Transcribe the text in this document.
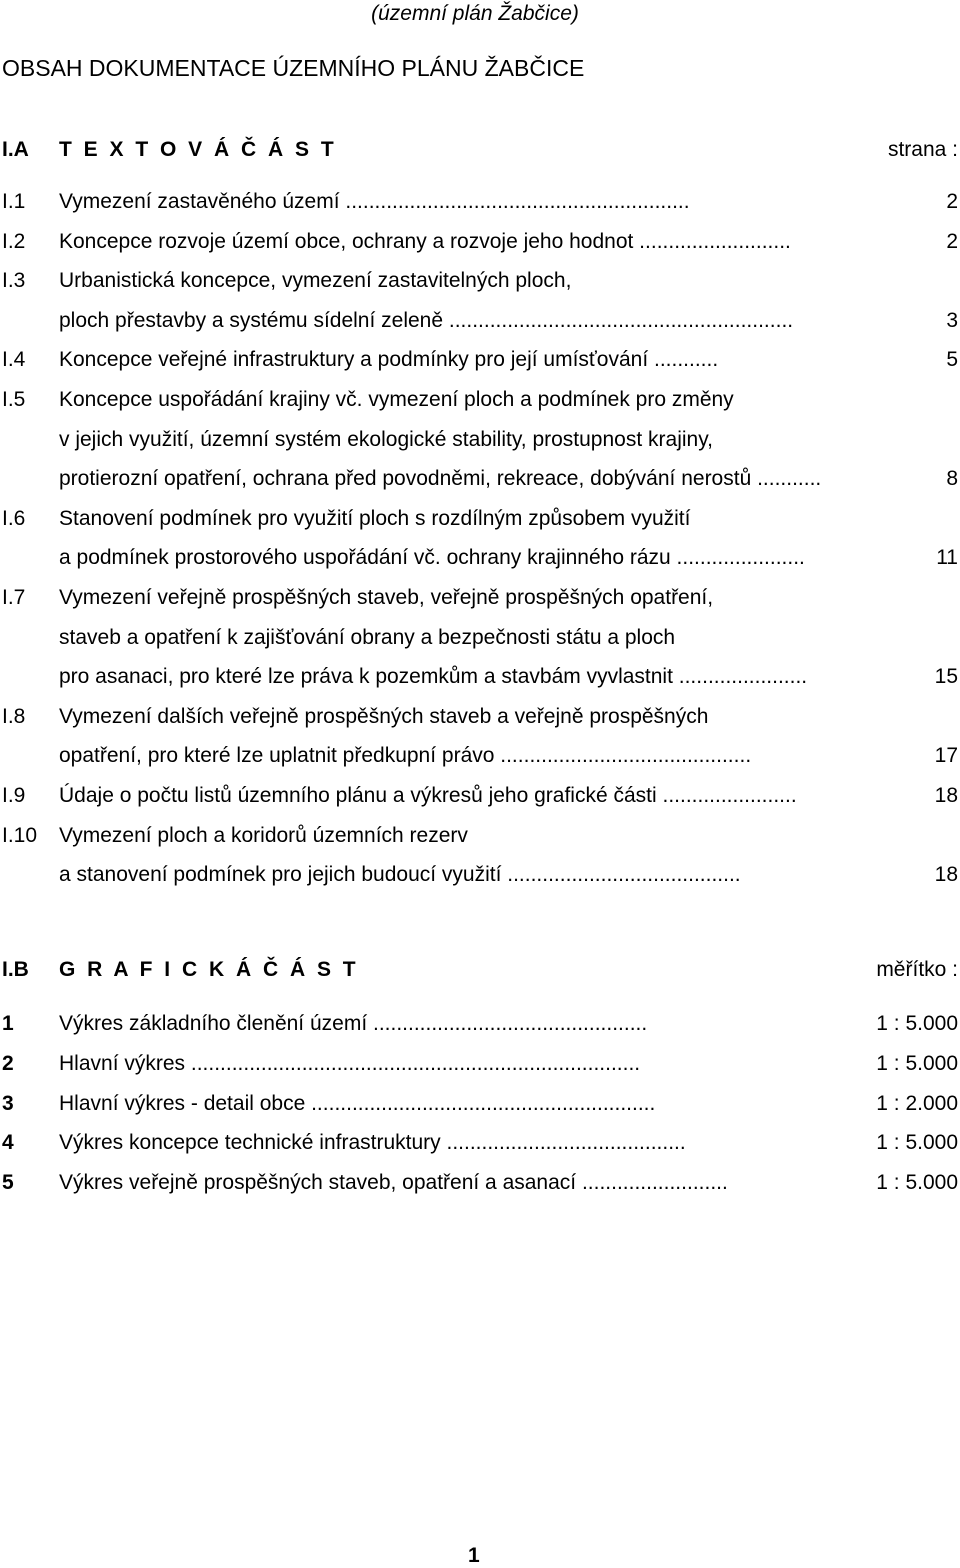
(územní plán Žabčice)
OBSAH DOKUMENTACE ÚZEMNÍHO PLÁNU ŽABČICE
I.A T E X T O V Á Č Á S T	strana :
I.1 Vymezení zastavěného území ...........................................................	2
I.2 Koncepce rozvoje území obce, ochrany a rozvoje jeho hodnot ..........................	2
I.3 Urbanistická koncepce, vymezení zastavitelných ploch,
ploch přestavby a systému sídelní zeleně ...........................................................	3
I.4 Koncepce veřejné infrastruktury a podmínky pro její umísťování ...........	5
I.5 Koncepce uspořádání krajiny vč. vymezení ploch a podmínek pro změny
v jejich využití, územní systém ekologické stability, prostupnost krajiny,
protierozní opatření, ochrana před povodněmi, rekreace, dobývání nerostů ...........	8
I.6 Stanovení podmínek pro využití ploch s rozdílným způsobem využití
a podmínek prostorového uspořádání vč. ochrany krajinného rázu ......................	11
I.7 Vymezení veřejně prospěšných staveb, veřejně prospěšných opatření,
staveb a opatření k zajišťování obrany a bezpečnosti státu a ploch
pro asanaci, pro které lze práva k pozemkům a stavbám vyvlastnit ......................	15
I.8 Vymezení dalších veřejně prospěšných staveb a veřejně prospěšných
opatření, pro které lze uplatnit předkupní právo ...........................................	17
I.9 Údaje o počtu listů územního plánu a výkresů jeho grafické části .......................	18
I.10 Vymezení ploch a koridorů územních rezerv
a stanovení podmínek pro jejich budoucí využití ........................................	18
I.B G R A F I C K Á Č Á S T	měřítko :
1 Výkres základního členění území ...............................................	1 : 5.000
2 Hlavní výkres .............................................................................	1 : 5.000
3 Hlavní výkres - detail obce ...........................................................	1 : 2.000
4 Výkres koncepce technické infrastruktury .........................................	1 : 5.000
5 Výkres veřejně prospěšných staveb, opatření a asanací .........................	1 : 5.000
1
